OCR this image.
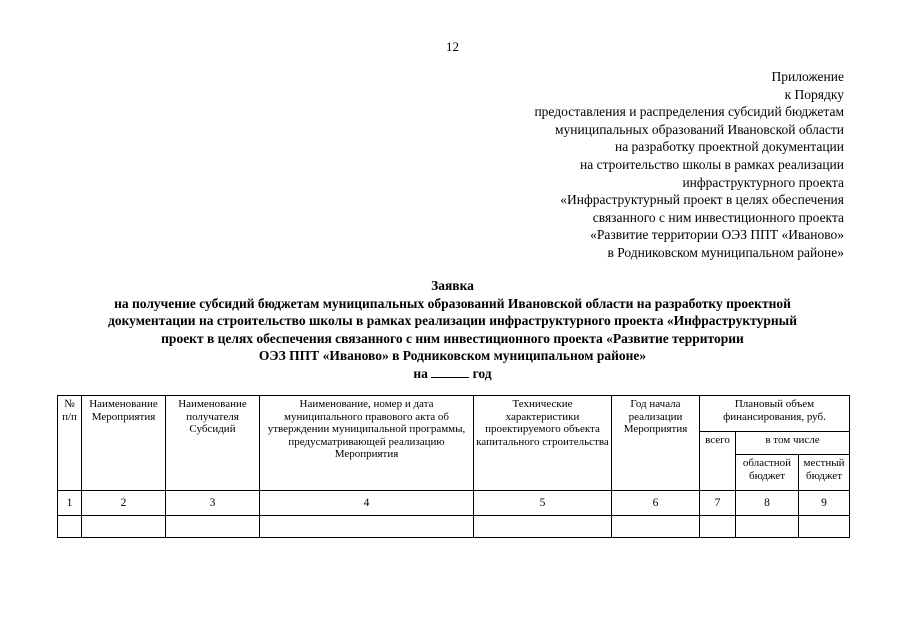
12
Приложение
к Порядку
предоставления и распределения субсидий бюджетам
муниципальных образований Ивановской области
на разработку проектной документации
на строительство школы в рамках реализации
инфраструктурного проекта
«Инфраструктурный проект в целях обеспечения
связанного с ним инвестиционного проекта
«Развитие территории ОЭЗ ППТ «Иваново»
в Родниковском муниципальном районе»
Заявка
на получение субсидий бюджетам муниципальных образований Ивановской области на разработку проектной
документации на строительство школы в рамках реализации инфраструктурного проекта «Инфраструктурный
проект в целях обеспечения связанного с ним инвестиционного проекта «Развитие территории
ОЭЗ ППТ «Иваново» в Родниковском муниципальном районе»
на	год
№ п/п	Наименование Мероприятия	Наименование получателя Субсидий	Наименование, номер и дата муниципального правового акта об утверждении муниципальной программы, предусматривающей реализацию Мероприятия	Технические характеристики проектируемого объекта капитального строительства	Год начала реализации Мероприятия	Плановый объем финансирования, руб.		
						всего	в том числе	
							областной бюджет	местный бюджет
1	2	3	4	5	6	7	8	9
